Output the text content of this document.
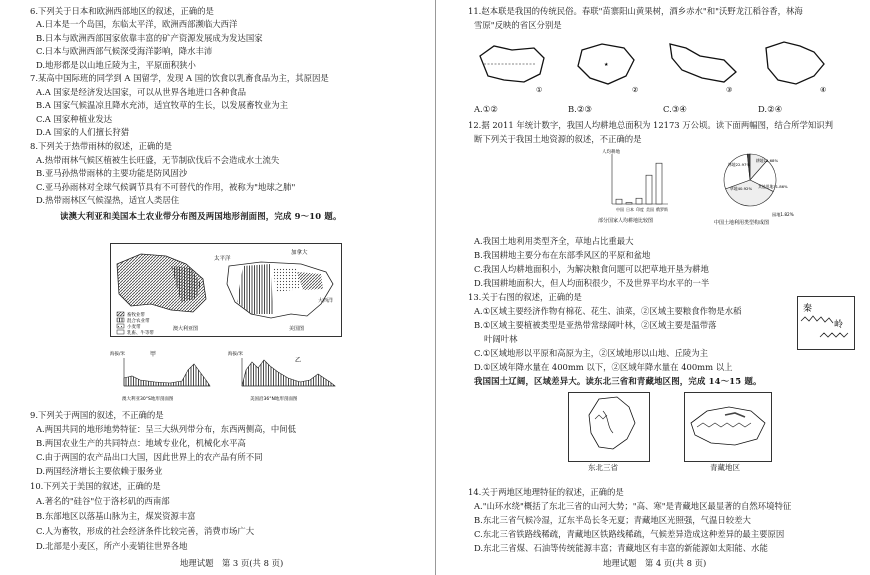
6.下列关于日本和欧洲西部地区的叙述，正确的是
A.日本是一个岛国，东临太平洋，欧洲西部濒临大西洋
B.日本与欧洲西部国家依靠丰富的矿产资源发展成为发达国家
C.日本与欧洲西部气候深受海洋影响，降水丰沛
D.地形都是以山地丘陵为主，平原面积狭小
7.某高中国际班的同学到 A 国留学，发现 A 国的饮食以乳畜食品为主，其原因是
A.A 国家是经济发达国家，可以从世界各地进口各种食品
B.A 国家气候温凉且降水充沛，适宜牧草的生长，以发展畜牧业为主
C.A 国家种植业发达
D.A 国家的人们擅长狩猎
8.下列关于热带雨林的叙述，正确的是
A.热带雨林气候区植被生长旺盛，无节制砍伐后不会造成水土流失
B.亚马孙热带雨林的主要功能是防风固沙
C.亚马孙雨林对全球气候调节具有不可替代的作用，被称为"地球之肺"
D.热带雨林区气候湿热，适宜人类居住
读澳大利亚和美国本土农业带分布图及两国地形剖面图，完成 9～10 题。
畜牧业带
混合农业带
小麦带
乳畜、牛等带
澳大利亚图
太平洋
加拿大
大西洋
美国图
海拔/米	甲
澳大利亚30°S地形剖面图
海拔/米
乙
美国沿36°N地形剖面图
9.下列关于两国的叙述，不正确的是
A.两国共同的地形地势特征：呈三大纵列带分布，东西两侧高，中间低
B.两国农业生产的共同特点：地域专业化，机械化水平高
C.由于两国的农产品出口大国，因此世界上的农产品有所不同
D.两国经济增长主要依赖于服务业
10.下列关于美国的叙述，正确的是
A.著名的"硅谷"位于洛杉矶的西南部
B.东部地区以落基山脉为主，煤炭资源丰富
C.人为畜牧，形成的社会经济条件比较完善，消费市场广大
D.北部是小麦区，所产小麦销往世界各地
地理试题　第 3 页(共 8 页)
11.赵本联是我国的传统民俗。春联"苗寨阳山黄果树，酒乡赤水"和"沃野龙江稻谷香，林海
雪原"反映的省区分别是
①
★
②	③	④
A.①②	B.②③	C.③④	D.②④
12.据 2011 年统计数字，我国人均耕地总面积为 12173 万公顷。读下面两幅图，结合所学知识判
断下列关于我国土地资源的叙述，不正确的是
人均耕地
中国 日本 印度 美国 俄罗斯
部分国家人均耕地比较图
耕地12.68%
林地22.97%
草地40.92% 其他用地31.86%
中国土地利用类型构成图
园地1.82%
A.我国土地利用类型齐全，草地占比重最大
B.我国耕地主要分布在东部季风区的平原和盆地
C.我国人均耕地面积小，为解决粮食问题可以把草地开垦为耕地
D.我国耕地面积大，但人均面积很少，不及世界平均水平的一半
13.关于右图的叙述，正确的是
A.①区域主要经济作物有棉花、花生、油菜，②区域主要粮食作物是水稻
B.①区域主要植被类型是亚热带常绿阔叶林，②区域主要是温带落
叶阔叶林
C.①区域地形以平原和高原为主，②区域地形以山地、丘陵为主
D.①区域年降水量在 400mm 以下，②区域年降水量在 400mm 以上
秦
岭
我国国土辽阔，区域差异大。读东北三省和青藏地区图，完成 14～15 题。
东北三省	青藏地区
14.关于两地区地理特征的叙述，正确的是
A."山环水绕"概括了东北三省的山河大势；"高、寒"是青藏地区最显著的自然环境特征
B.东北三省气候冷湿，辽东半岛长冬无夏；青藏地区光照强，气温日较差大
C.东北三省铁路线稀疏，青藏地区铁路线稀疏，气候差异造成这种差异的最主要原因
D.东北三省煤、石油等传统能源丰富；青藏地区有丰富的新能源如太阳能、水能
地理试题　第 4 页(共 8 页)
